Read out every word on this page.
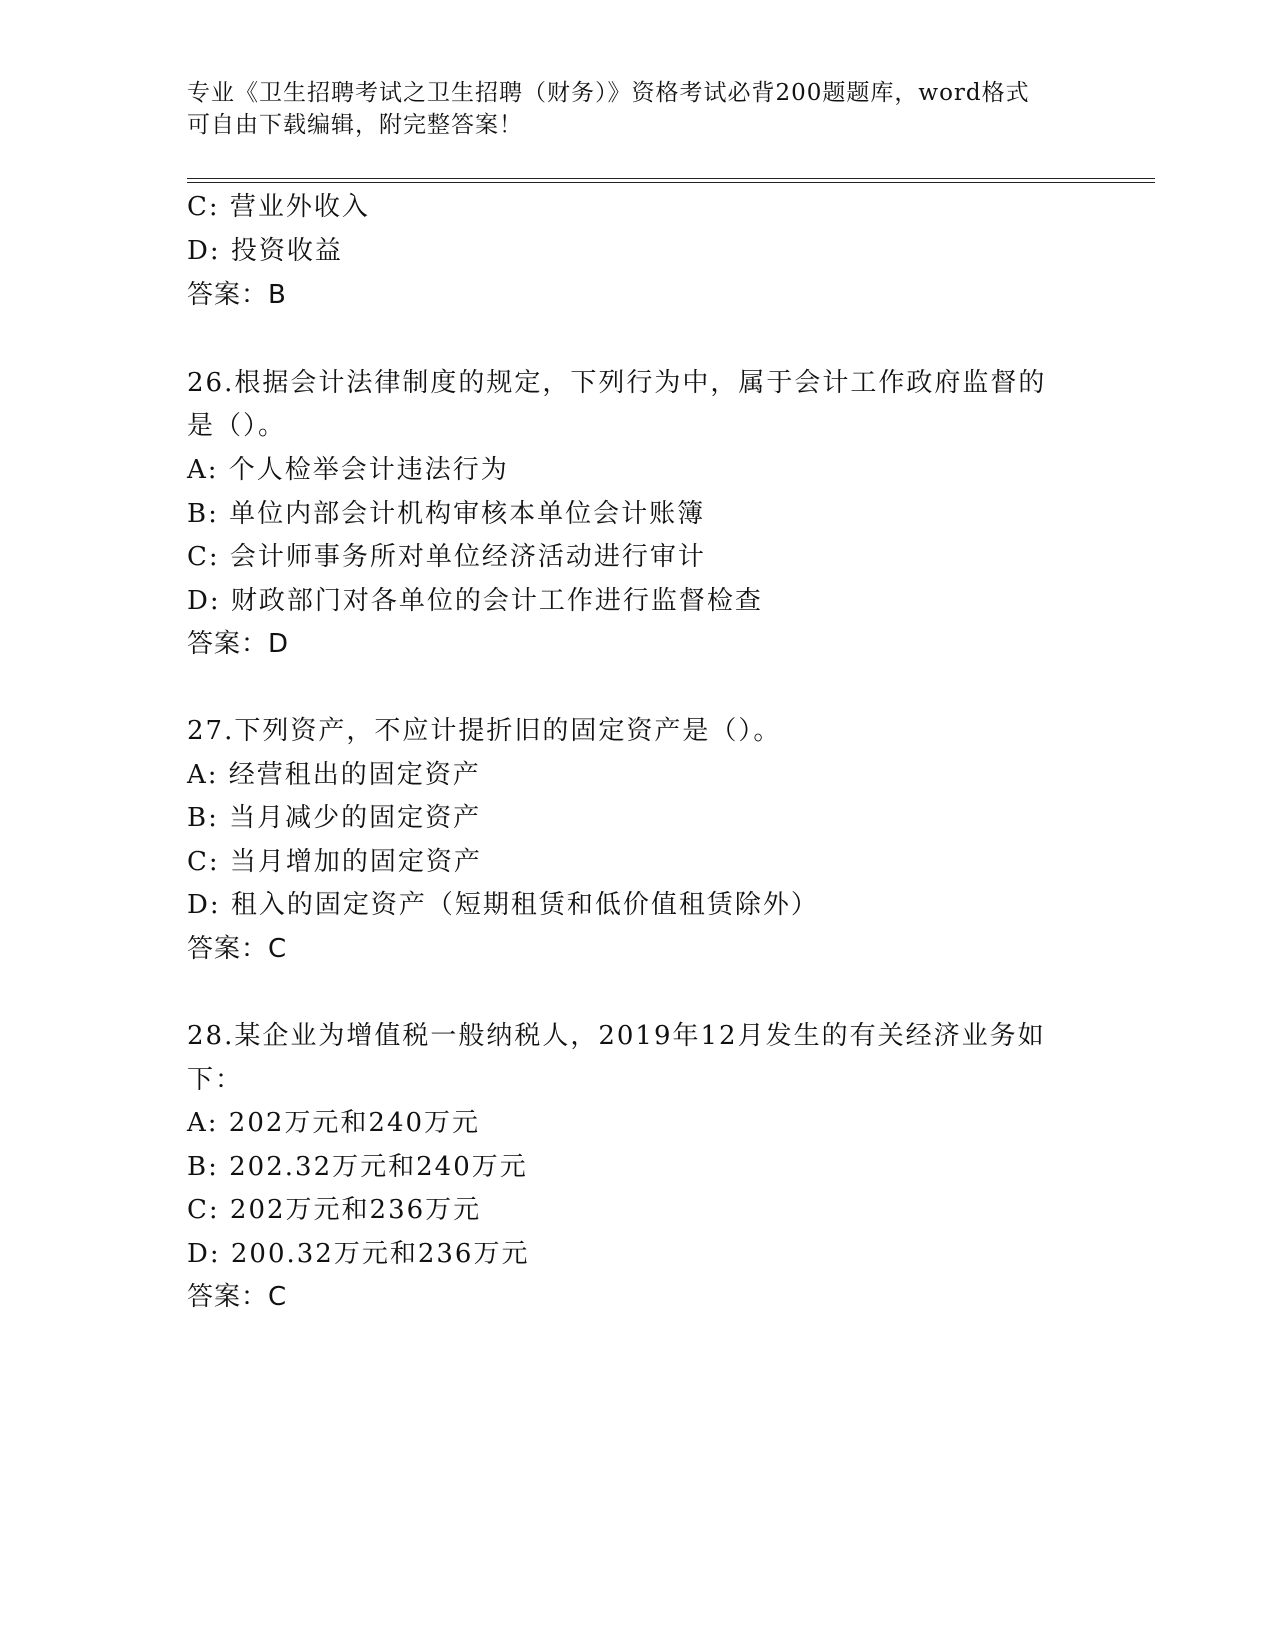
专业《卫生招聘考试之卫生招聘（财务）》资格考试必背200题题库，word格式
可自由下载编辑，附完整答案！
C: 营业外收入
D: 投资收益
答案：B
26.根据会计法律制度的规定，下列行为中，属于会计工作政府监督的
是（）。
A: 个人检举会计违法行为
B: 单位内部会计机构审核本单位会计账簿
C: 会计师事务所对单位经济活动进行审计
D: 财政部门对各单位的会计工作进行监督检查
答案：D
27.下列资产，不应计提折旧的固定资产是（）。
A: 经营租出的固定资产
B: 当月减少的固定资产
C: 当月增加的固定资产
D: 租入的固定资产（短期租赁和低价值租赁除外）
答案：C
28.某企业为增值税一般纳税人，2019年12月发生的有关经济业务如
下：
A: 202万元和240万元
B: 202.32万元和240万元
C: 202万元和236万元
D: 200.32万元和236万元
答案：C
